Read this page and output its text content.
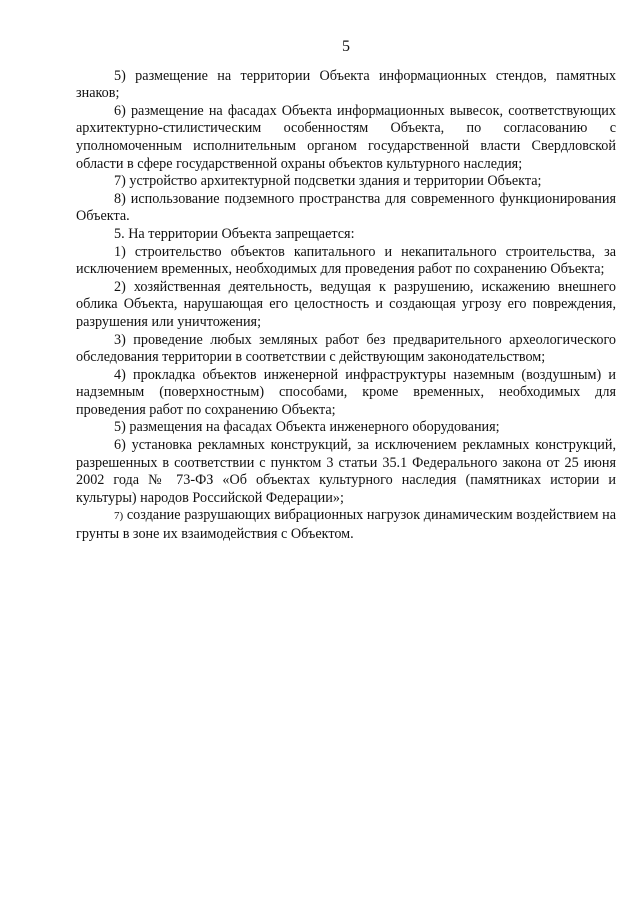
5

5) размещение на территории Объекта информационных стендов, памятных знаков;

6) размещение на фасадах Объекта информационных вывесок, соответствующих архитектурно-стилистическим особенностям Объекта, по согласованию с уполномоченным исполнительным органом государственной власти Свердловской области в сфере государственной охраны объектов культурного наследия;

7) устройство архитектурной подсветки здания и территории Объекта;

8) использование подземного пространства для современного функционирования Объекта.

5. На территории Объекта запрещается:

1) строительство объектов капитального и некапитального строительства, за исключением временных, необходимых для проведения работ по сохранению Объекта;

2) хозяйственная деятельность, ведущая к разрушению, искажению внешнего облика Объекта, нарушающая его целостность и создающая угрозу его повреждения, разрушения или уничтожения;

3) проведение любых земляных работ без предварительного археологического обследования территории в соответствии с действующим законодательством;

4) прокладка объектов инженерной инфраструктуры наземным (воздушным) и надземным (поверхностным) способами, кроме временных, необходимых для проведения работ по сохранению Объекта;

5) размещения на фасадах Объекта инженерного оборудования;

6) установка рекламных конструкций, за исключением рекламных конструкций, разрешенных в соответствии с пунктом 3 статьи 35.1 Федерального закона от 25 июня 2002 года № 73-ФЗ «Об объектах культурного наследия (памятниках истории и культуры) народов Российской Федерации»;

7) создание разрушающих вибрационных нагрузок динамическим воздействием на грунты в зоне их взаимодействия с Объектом.
